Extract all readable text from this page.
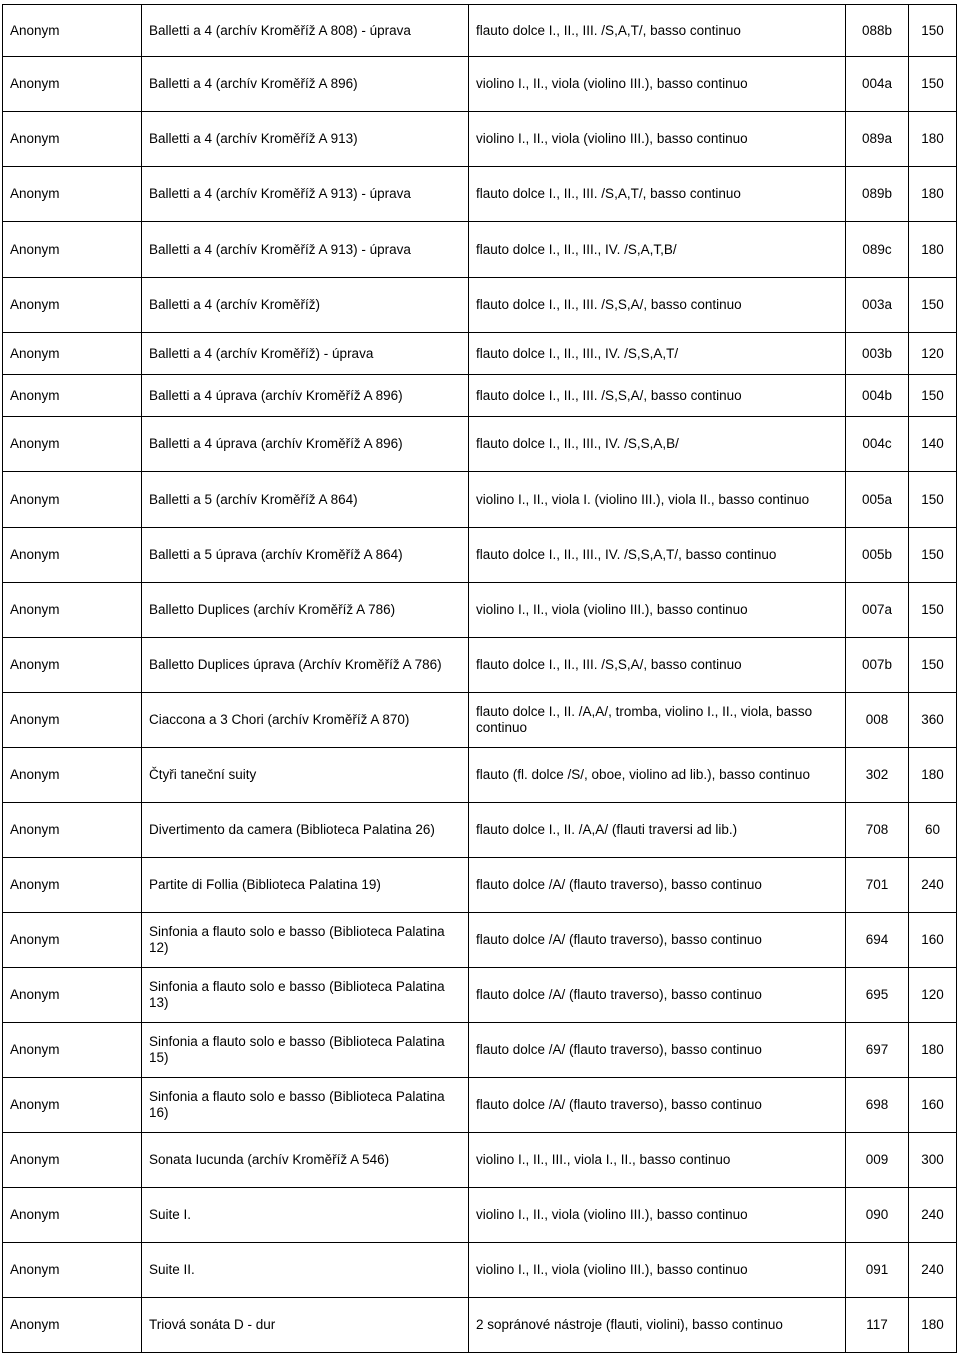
Anonym	Balletti a 4 (archív Kroměříž A 808) - úprava	flauto dolce I., II., III. /S,A,T/, basso continuo	088b	150
Anonym	Balletti a 4 (archív Kroměříž A 896)	violino I., II., viola (violino III.), basso continuo	004a	150
Anonym	Balletti a 4 (archív Kroměříž A 913)	violino I., II., viola (violino III.), basso continuo	089a	180
Anonym	Balletti a 4 (archív Kroměříž A 913) - úprava	flauto dolce I., II., III. /S,A,T/, basso continuo	089b	180
Anonym	Balletti a 4 (archív Kroměříž A 913) - úprava	flauto dolce I., II., III., IV. /S,A,T,B/	089c	180
Anonym	Balletti a 4 (archív Kroměříž)	flauto dolce I., II., III. /S,S,A/, basso continuo	003a	150
Anonym	Balletti a 4 (archív Kroměříž) - úprava	flauto dolce I., II., III., IV. /S,S,A,T/	003b	120
Anonym	Balletti a 4 úprava (archív Kroměříž A 896)	flauto dolce I., II., III. /S,S,A/, basso continuo	004b	150
Anonym	Balletti a 4 úprava (archív Kroměříž A 896)	flauto dolce I., II., III., IV. /S,S,A,B/	004c	140
Anonym	Balletti a 5 (archív Kroměříž A 864)	violino I., II., viola I. (violino III.), viola II., basso continuo	005a	150
Anonym	Balletti a 5 úprava (archív Kroměříž A 864)	flauto dolce I., II., III., IV. /S,S,A,T/, basso continuo	005b	150
Anonym	Balletto Duplices (archív Kroměříž A 786)	violino I., II., viola (violino III.), basso continuo	007a	150
Anonym	Balletto Duplices úprava (Archív Kroměříž A 786)	flauto dolce I., II., III. /S,S,A/, basso continuo	007b	150
Anonym	Ciaccona a 3 Chori (archív Kroměříž A 870)	flauto dolce I., II. /A,A/, tromba, violino I., II., viola, basso continuo	008	360
Anonym	Čtyři taneční suity	flauto (fl. dolce /S/, oboe, violino ad lib.), basso continuo	302	180
Anonym	Divertimento da camera (Biblioteca Palatina 26)	flauto dolce I., II. /A,A/ (flauti traversi ad lib.)	708	60
Anonym	Partite di Follia (Biblioteca Palatina 19)	flauto dolce /A/ (flauto traverso), basso continuo	701	240
Anonym	Sinfonia a flauto solo e basso (Biblioteca Palatina 12)	flauto dolce /A/ (flauto traverso), basso continuo	694	160
Anonym	Sinfonia a flauto solo e basso (Biblioteca Palatina 13)	flauto dolce /A/ (flauto traverso), basso continuo	695	120
Anonym	Sinfonia a flauto solo e basso (Biblioteca Palatina 15)	flauto dolce /A/ (flauto traverso), basso continuo	697	180
Anonym	Sinfonia a flauto solo e basso (Biblioteca Palatina 16)	flauto dolce /A/ (flauto traverso), basso continuo	698	160
Anonym	Sonata Iucunda (archív Kroměříž A 546)	violino I., II., III., viola I., II., basso continuo	009	300
Anonym	Suite I.	violino I., II., viola (violino III.), basso continuo	090	240
Anonym	Suite II.	violino I., II., viola (violino III.), basso continuo	091	240
Anonym	Triová sonáta D - dur	2 sopránové nástroje (flauti, violini), basso continuo	117	180
